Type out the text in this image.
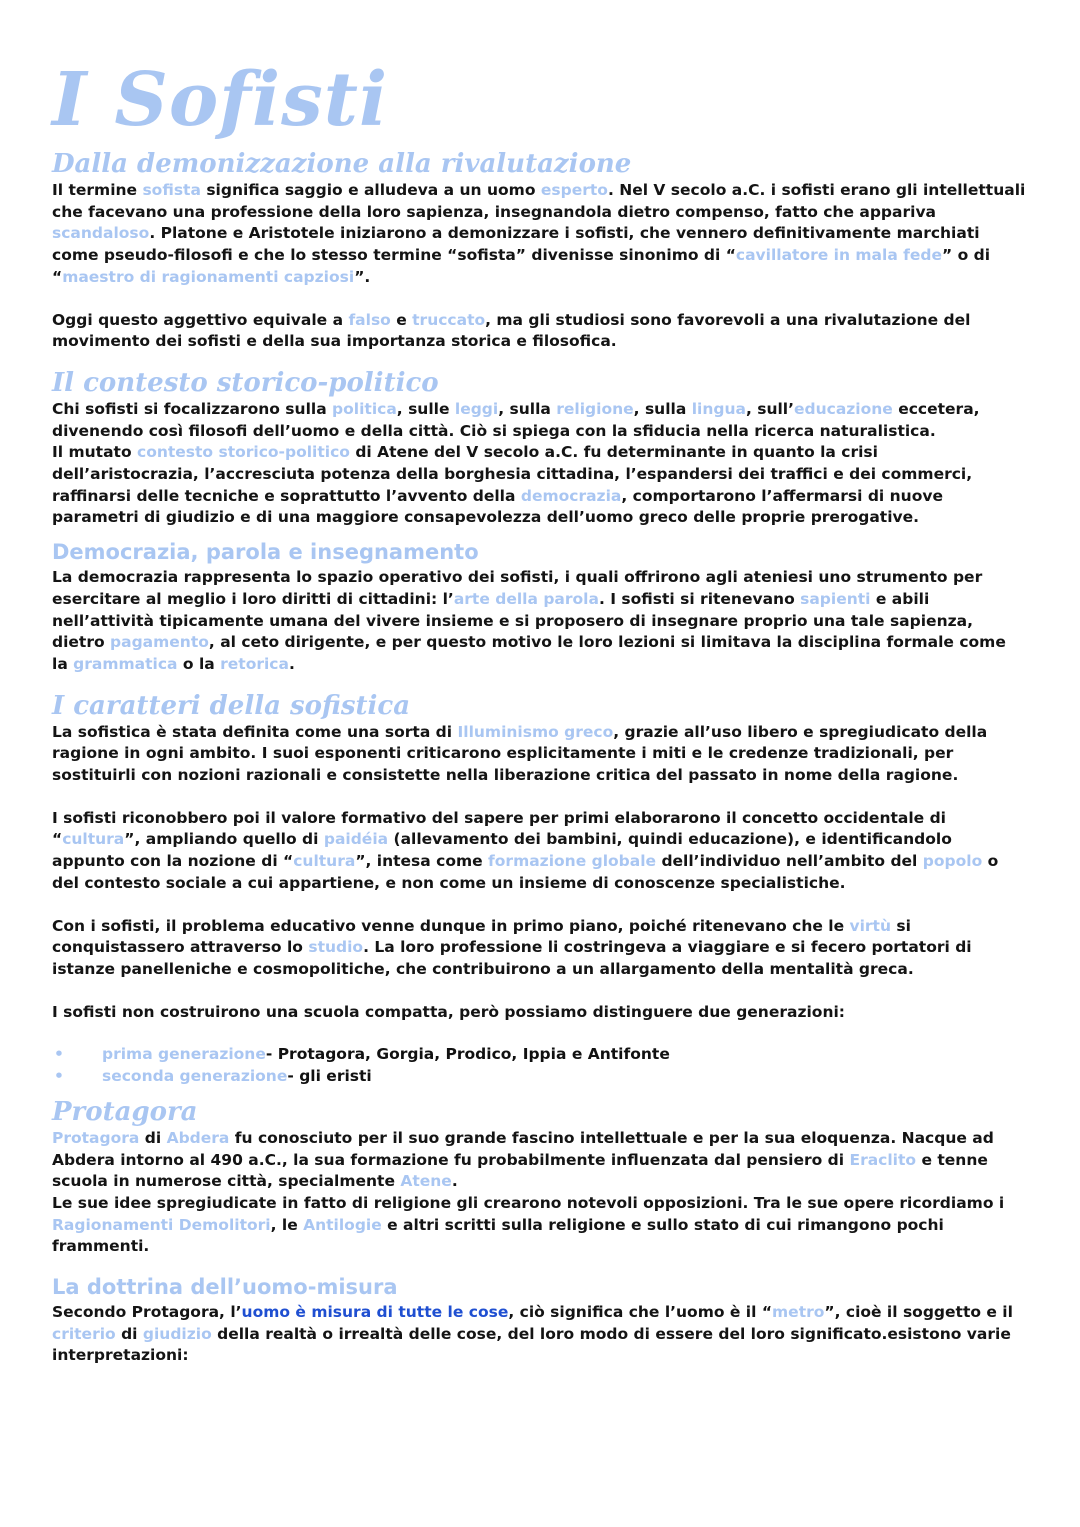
I Sofisti
Dalla demonizzazione alla rivalutazione

Il termine sofista significa saggio e alludeva a un uomo esperto. Nel V secolo a.C. i sofisti erano gli intellettuali che facevano una professione della loro sapienza, insegnandola dietro compenso, fatto che appariva scandaloso. Platone e Aristotele iniziarono a demonizzare i sofisti, che vennero definitivamente marchiati come pseudo-filosofi e che lo stesso termine “sofista” divenisse sinonimo di “cavillatore in mala fede” o di “maestro di ragionamenti capziosi”.

Oggi questo aggettivo equivale a falso e truccato, ma gli studiosi sono favorevoli a una rivalutazione del movimento dei sofisti e della sua importanza storica e filosofica.

Il contesto storico-politico

Chi sofisti si focalizzarono sulla politica, sulle leggi, sulla religione, sulla lingua, sull’educazione eccetera, divenendo così filosofi dell’uomo e della città. Ciò si spiega con la sfiducia nella ricerca naturalistica.

Il mutato contesto storico-politico di Atene del V secolo a.C. fu determinante in quanto la crisi dell’aristocrazia, l’accresciuta potenza della borghesia cittadina, l’espandersi dei traffici e dei commerci, raffinarsi delle tecniche e soprattutto l’avvento della democrazia, comportarono l’affermarsi di nuove parametri di giudizio e di una maggiore consapevolezza dell’uomo greco delle proprie prerogative.

Democrazia, parola e insegnamento

La democrazia rappresenta lo spazio operativo dei sofisti, i quali offrirono agli ateniesi uno strumento per esercitare al meglio i loro diritti di cittadini: l’arte della parola. I sofisti si ritenevano sapienti e abili nell’attività tipicamente umana del vivere insieme e si proposero di insegnare proprio una tale sapienza, dietro pagamento, al ceto dirigente, e per questo motivo le loro lezioni si limitava la disciplina formale come la grammatica o la retorica.

I caratteri della sofistica

La sofistica è stata definita come una sorta di Illuminismo greco, grazie all’uso libero e spregiudicato della ragione in ogni ambito. I suoi esponenti criticarono esplicitamente i miti e le credenze tradizionali, per sostituirli con nozioni razionali e consistette nella liberazione critica del passato in nome della ragione.

I sofisti riconobbero poi il valore formativo del sapere per primi elaborarono il concetto occidentale di “cultura”, ampliando quello di paidéia (allevamento dei bambini, quindi educazione), e identificandolo appunto con la nozione di “cultura”, intesa come formazione globale dell’individuo nell’ambito del popolo o del contesto sociale a cui appartiene, e non come un insieme di conoscenze specialistiche.

Con i sofisti, il problema educativo venne dunque in primo piano, poiché ritenevano che le virtù si conquistassero attraverso lo studio. La loro professione li costringeva a viaggiare e si fecero portatori di istanze panelleniche e cosmopolitiche, che contribuirono a un allargamento della mentalità greca.

I sofisti non costruirono una scuola compatta, però possiamo distinguere due generazioni:

• prima generazione- Protagora, Gorgia, Prodico, Ippia e Antifonte
• seconda generazione- gli eristi
Protagora

Protagora di Abdera fu conosciuto per il suo grande fascino intellettuale e per la sua eloquenza. Nacque ad Abdera intorno al 490 a.C., la sua formazione fu probabilmente influenzata dal pensiero di Eraclito e tenne scuola in numerose città, specialmente Atene.

Le sue idee spregiudicate in fatto di religione gli crearono notevoli opposizioni. Tra le sue opere ricordiamo i Ragionamenti Demolitori, le Antilogie e altri scritti sulla religione e sullo stato di cui rimangono pochi frammenti.

La dottrina dell’uomo-misura

Secondo Protagora, l’uomo è misura di tutte le cose, ciò significa che l’uomo è il “metro”, cioè il soggetto e il criterio di giudizio della realtà o irrealtà delle cose, del loro modo di essere del loro significato.esistono varie interpretazioni:
